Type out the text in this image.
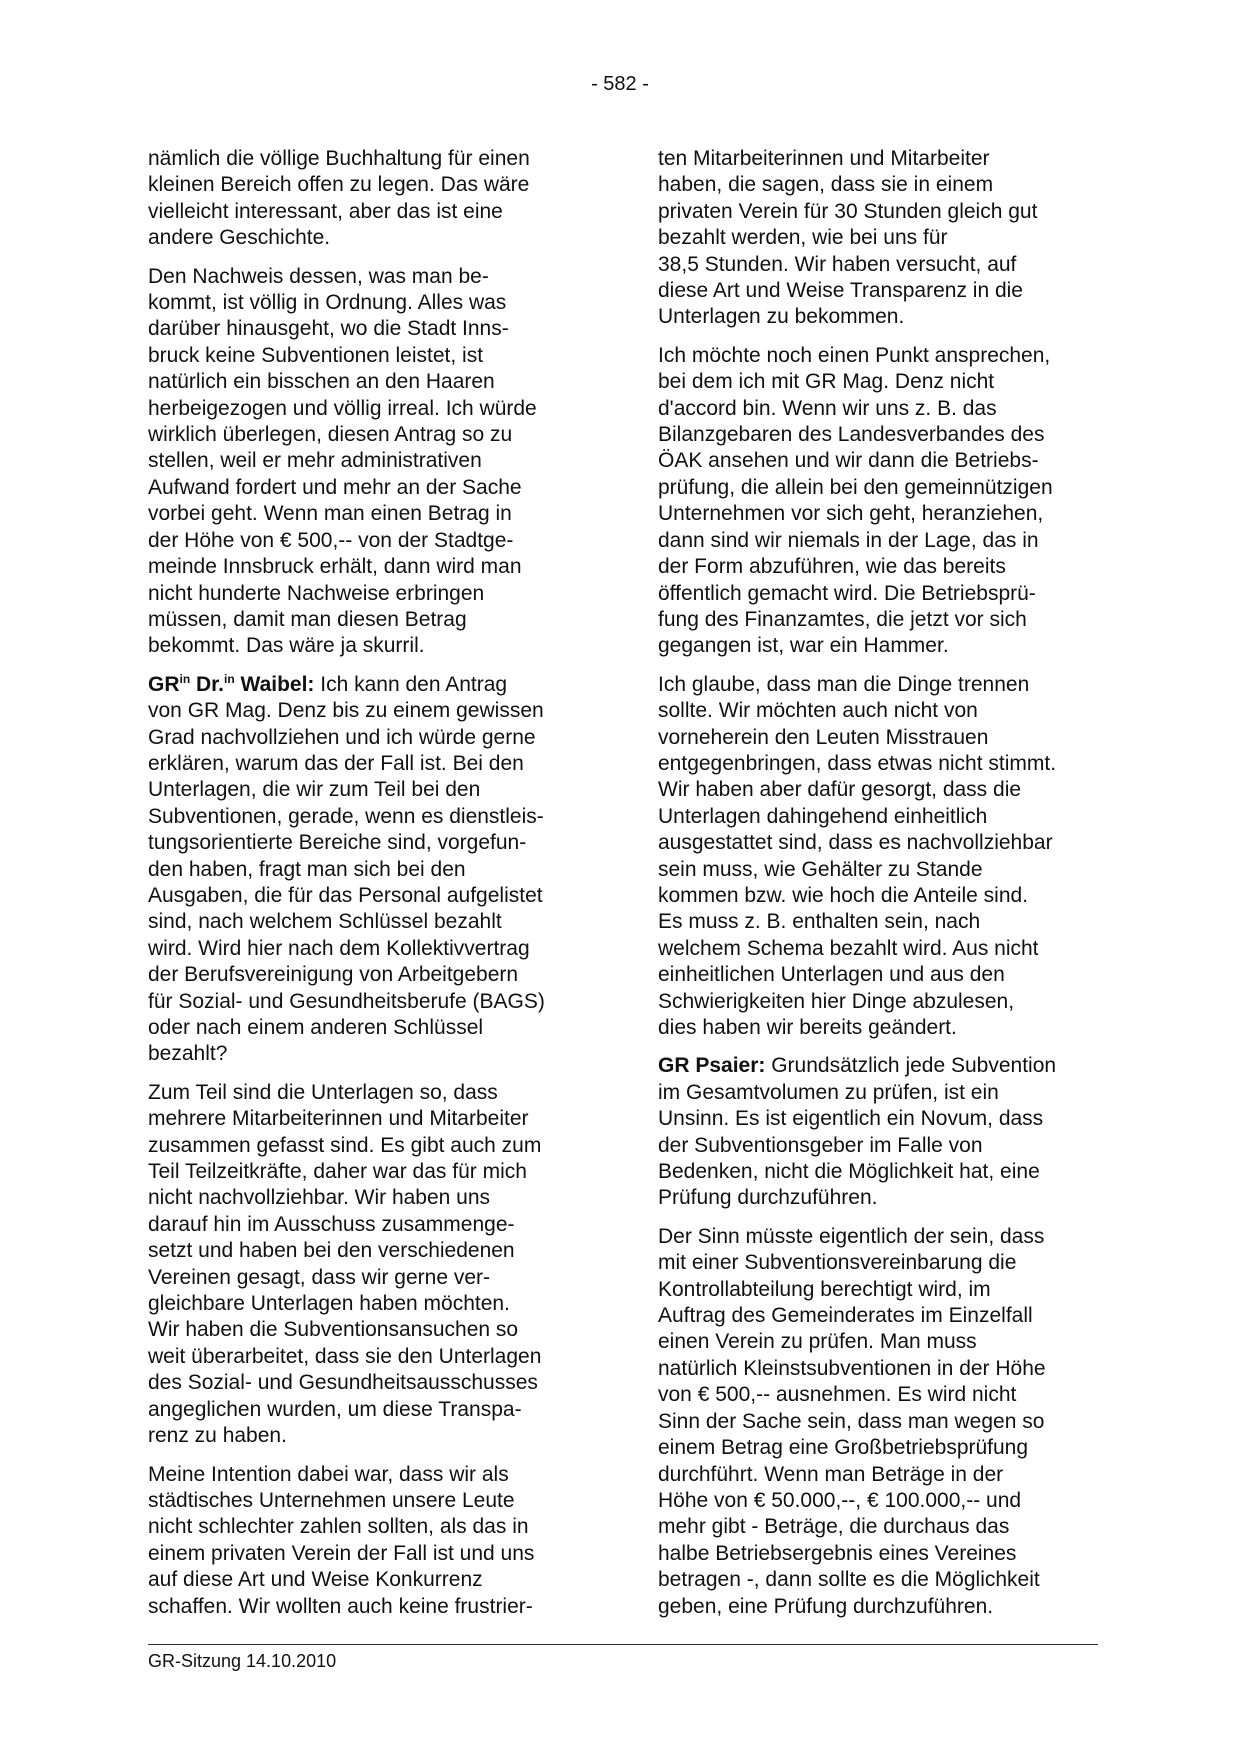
- 582 -

nämlich die völlige Buchhaltung für einen
kleinen Bereich offen zu legen. Das wäre
vielleicht interessant, aber das ist eine
andere Geschichte.

Den Nachweis dessen, was man be-
kommt, ist völlig in Ordnung. Alles was
darüber hinausgeht, wo die Stadt Inns-
bruck keine Subventionen leistet, ist
natürlich ein bisschen an den Haaren
herbeigezogen und völlig irreal. Ich würde
wirklich überlegen, diesen Antrag so zu
stellen, weil er mehr administrativen
Aufwand fordert und mehr an der Sache
vorbei geht. Wenn man einen Betrag in
der Höhe von € 500,-- von der Stadtge-
meinde Innsbruck erhält, dann wird man
nicht hunderte Nachweise erbringen
müssen, damit man diesen Betrag
bekommt. Das wäre ja skurril.

$GR^{in}$ Dr.$^{in}$ Waibel: Ich kann den Antrag
von GR Mag. Denz bis zu einem gewissen
Grad nachvollziehen und ich würde gerne
erklären, warum das der Fall ist. Bei den
Unterlagen, die wir zum Teil bei den
Subventionen, gerade, wenn es dienstleis-
tungsorientierte Bereiche sind, vorgefun-
den haben, fragt man sich bei den
Ausgaben, die für das Personal aufgelistet
sind, nach welchem Schlüssel bezahlt
wird. Wird hier nach dem Kollektivvertrag
der Berufsvereinigung von Arbeitgebern
für Sozial- und Gesundheitsberufe (BAGS)
oder nach einem anderen Schlüssel
bezahlt?

Zum Teil sind die Unterlagen so, dass
mehrere Mitarbeiterinnen und Mitarbeiter
zusammen gefasst sind. Es gibt auch zum
Teil Teilzeitkräfte, daher war das für mich
nicht nachvollziehbar. Wir haben uns
darauf hin im Ausschuss zusammenge-
setzt und haben bei den verschiedenen
Vereinen gesagt, dass wir gerne ver-
gleichbare Unterlagen haben möchten.
Wir haben die Subventionsansuchen so
weit überarbeitet, dass sie den Unterlagen
des Sozial- und Gesundheitsausschusses
angeglichen wurden, um diese Transpa-
renz zu haben.

Meine Intention dabei war, dass wir als
städtisches Unternehmen unsere Leute
nicht schlechter zahlen sollten, als das in
einem privaten Verein der Fall ist und uns
auf diese Art und Weise Konkurrenz
schaffen. Wir wollten auch keine frustrier-

ten Mitarbeiterinnen und Mitarbeiter
haben, die sagen, dass sie in einem
privaten Verein für 30 Stunden gleich gut
bezahlt werden, wie bei uns für
38,5 Stunden. Wir haben versucht, auf
diese Art und Weise Transparenz in die
Unterlagen zu bekommen.

Ich möchte noch einen Punkt ansprechen,
bei dem ich mit GR Mag. Denz nicht
d'accord bin. Wenn wir uns z. B. das
Bilanzgebaren des Landesverbandes des
ÖAK ansehen und wir dann die Betriebs-
prüfung, die allein bei den gemeinnützigen
Unternehmen vor sich geht, heranziehen,
dann sind wir niemals in der Lage, das in
der Form abzuführen, wie das bereits
öffentlich gemacht wird. Die Betriebsprü-
fung des Finanzamtes, die jetzt vor sich
gegangen ist, war ein Hammer.

Ich glaube, dass man die Dinge trennen
sollte. Wir möchten auch nicht von
vorneherein den Leuten Misstrauen
entgegenbringen, dass etwas nicht stimmt.
Wir haben aber dafür gesorgt, dass die
Unterlagen dahingehend einheitlich
ausgestattet sind, dass es nachvollziehbar
sein muss, wie Gehälter zu Stande
kommen bzw. wie hoch die Anteile sind.
Es muss z. B. enthalten sein, nach
welchem Schema bezahlt wird. Aus nicht
einheitlichen Unterlagen und aus den
Schwierigkeiten hier Dinge abzulesen,
dies haben wir bereits geändert.

GR Psaier: Grundsätzlich jede Subvention
im Gesamtvolumen zu prüfen, ist ein
Unsinn. Es ist eigentlich ein Novum, dass
der Subventionsgeber im Falle von
Bedenken, nicht die Möglichkeit hat, eine
Prüfung durchzuführen.

Der Sinn müsste eigentlich der sein, dass
mit einer Subventionsvereinbarung die
Kontrollabteilung berechtigt wird, im
Auftrag des Gemeinderates im Einzelfall
einen Verein zu prüfen. Man muss
natürlich Kleinstsubventionen in der Höhe
von € 500,-- ausnehmen. Es wird nicht
Sinn der Sache sein, dass man wegen so
einem Betrag eine Großbetriebsprüfung
durchführt. Wenn man Beträge in der
Höhe von € 50.000,--, € 100.000,-- und
mehr gibt - Beträge, die durchaus das
halbe Betriebsergebnis eines Vereines
betragen -, dann sollte es die Möglichkeit
geben, eine Prüfung durchzuführen.

GR-Sitzung 14.10.2010
